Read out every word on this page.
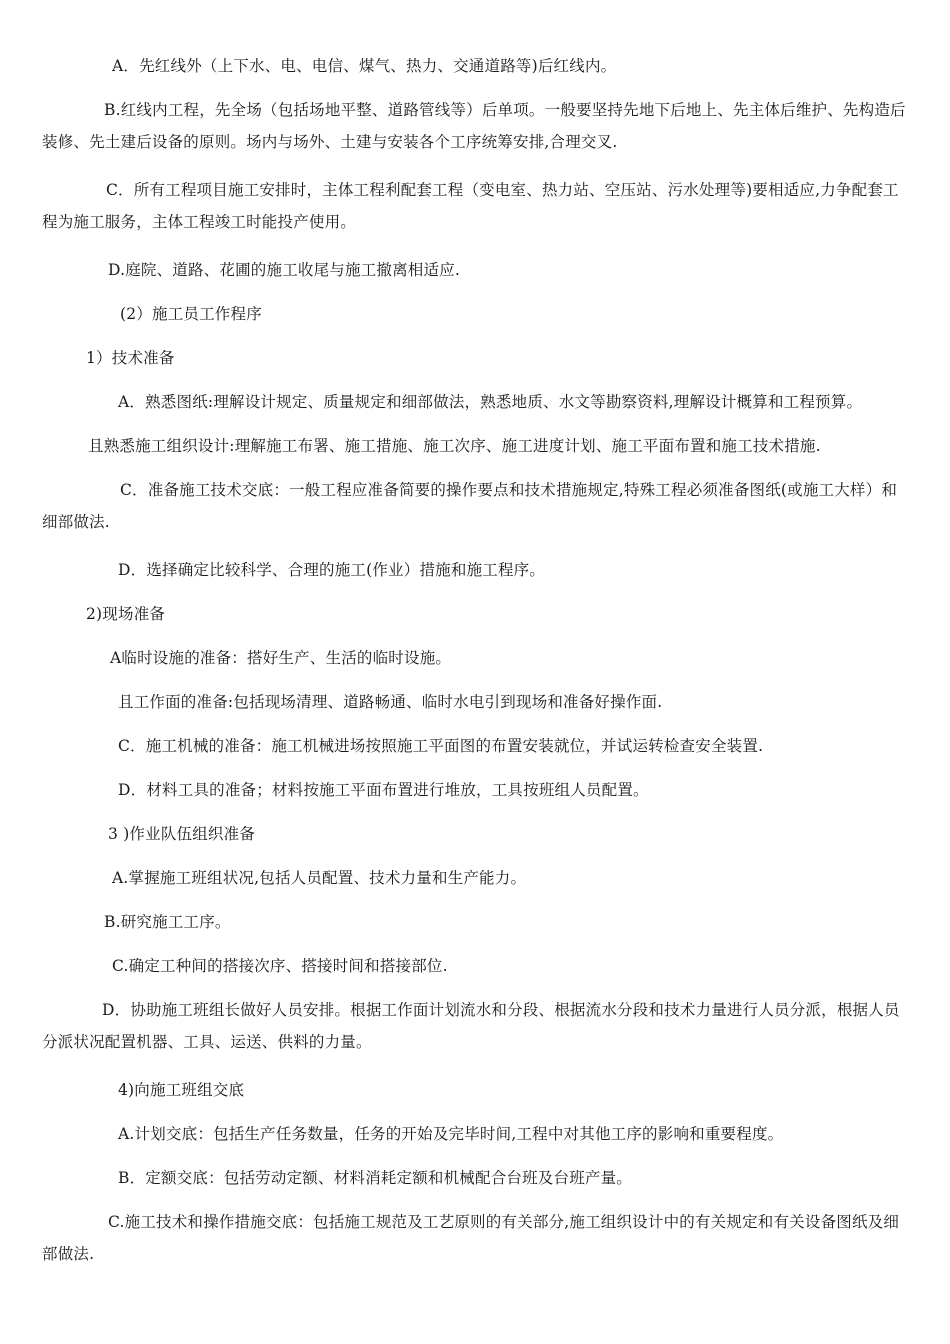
A．先红线外（上下水、电、电信、煤气、热力、交通道路等)后红线内。

B.红线内工程，先全场（包括场地平整、道路管线等）后单项。一般要坚持先地下后地上、先主体后维护、先构造后装修、先土建后设备的原则。场内与场外、土建与安装各个工序统筹安排,合理交叉.

C．所有工程项目施工安排时，主体工程利配套工程（变电室、热力站、空压站、污水处理等)要相适应,力争配套工程为施工服务，主体工程竣工时能投产使用。

D.庭院、道路、花圃的施工收尾与施工撤离相适应.

(2）施工员工作程序

1）技术准备

A．熟悉图纸:理解设计规定、质量规定和细部做法，熟悉地质、水文等勘察资料,理解设计概算和工程预算。

且熟悉施工组织设计:理解施工布署、施工措施、施工次序、施工进度计划、施工平面布置和施工技术措施.

C．准备施工技术交底：一般工程应准备简要的操作要点和技术措施规定,特殊工程必须准备图纸(或施工大样）和细部做法.

D．选择确定比较科学、合理的施工(作业）措施和施工程序。

2)现场准备

A临时设施的准备：搭好生产、生活的临时设施。

且工作面的准备:包括现场清理、道路畅通、临时水电引到现场和准备好操作面.

C．施工机械的准备：施工机械进场按照施工平面图的布置安装就位，并试运转检查安全装置.

D．材料工具的准备；材料按施工平面布置进行堆放，工具按班组人员配置。

3 )作业队伍组织准备

A.掌握施工班组状况,包括人员配置、技术力量和生产能力。

B.研究施工工序。

C.确定工种间的搭接次序、搭接时间和搭接部位.

D．协助施工班组长做好人员安排。根据工作面计划流水和分段、根据流水分段和技术力量进行人员分派，根据人员分派状况配置机器、工具、运送、供料的力量。

4)向施工班组交底

A.计划交底：包括生产任务数量，任务的开始及完毕时间,工程中对其他工序的影响和重要程度。

B．定额交底：包括劳动定额、材料消耗定额和机械配合台班及台班产量。

C.施工技术和操作措施交底：包括施工规范及工艺原则的有关部分,施工组织设计中的有关规定和有关设备图纸及细部做法.
